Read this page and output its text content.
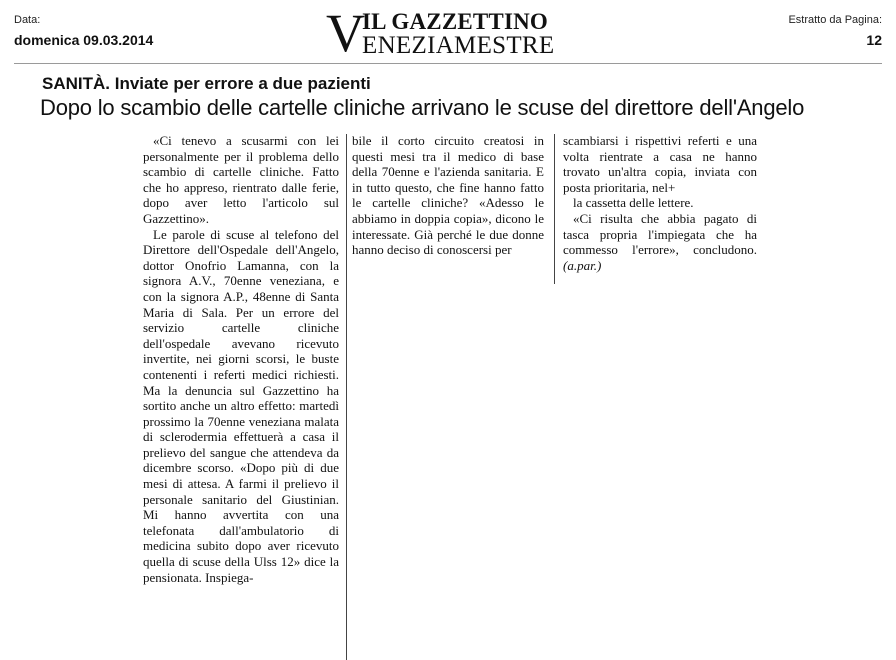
Data:
domenica 09.03.2014	V
IL GAZZETTINO
ENEZIAMESTRE
Estratto da Pagina:
12
SANITÀ. Inviate per errore a due pazienti
Dopo lo scambio delle cartelle cliniche arrivano le scuse del direttore dell'Angelo

«Ci tenevo a scusarmi con lei personalmente per il problema dello scambio di cartelle cliniche. Fatto che ho appreso, rientrato dalle ferie, dopo aver letto l'articolo sul Gazzettino».

Le parole di scuse al telefono del Direttore dell'Ospedale dell'Angelo, dottor Onofrio Lamanna, con la signora A.V., 70enne veneziana, e con la signora A.P., 48enne di Santa Maria di Sala. Per un errore del servizio cartelle cliniche dell'ospedale avevano ricevuto invertite, nei giorni scorsi, le buste contenenti i referti medici richiesti. Ma la denuncia sul Gazzettino ha sortito anche un altro effetto: martedì prossimo la 70enne veneziana malata di sclerodermia effettuerà a casa il prelievo del sangue che attendeva da dicembre scorso. «Dopo più di due mesi di attesa. A farmi il prelievo il personale sanitario del Giustinian. Mi hanno avvertita con una telefonata dall'ambulatorio di medicina subito dopo aver ricevuto quella di scuse della Ulss 12» dice la pensionata. Inspiega-

bile il corto circuito creatosi in questi mesi tra il medico di base della 70enne e l'azienda sanitaria. E in tutto questo, che fine hanno fatto le cartelle cliniche? «Adesso le abbiamo in doppia copia», dicono le interessate. Già perché le due donne hanno deciso di conoscersi per

scambiarsi i rispettivi referti e una volta rientrate a casa ne hanno trovato un'altra copia, inviata con posta prioritaria, nel+

la cassetta delle lettere.

«Ci risulta che abbia pagato di tasca propria l'impiegata che ha commesso l'errore», concludono. (a.par.)
